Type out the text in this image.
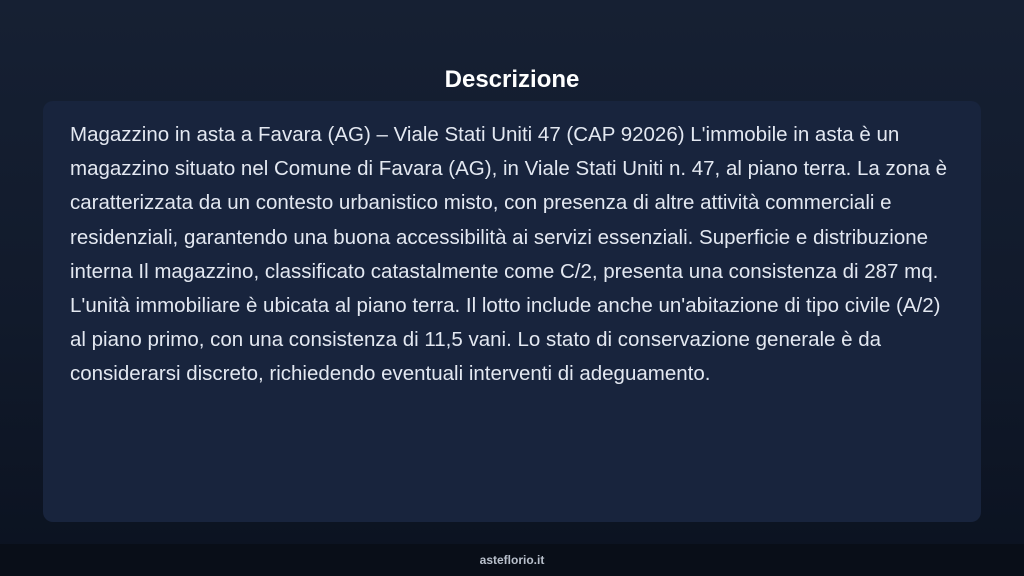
Descrizione

Magazzino in asta a Favara (AG) – Viale Stati Uniti 47 (CAP 92026) L'immobile in asta è un magazzino situato nel Comune di Favara (AG), in Viale Stati Uniti n. 47, al piano terra. La zona è caratterizzata da un contesto urbanistico misto, con presenza di altre attività commerciali e residenziali, garantendo una buona accessibilità ai servizi essenziali. Superficie e distribuzione interna Il magazzino, classificato catastalmente come C/2, presenta una consistenza di 287 mq. L'unità immobiliare è ubicata al piano terra. Il lotto include anche un'abitazione di tipo civile (A/2) al piano primo, con una consistenza di 11,5 vani. Lo stato di conservazione generale è da considerarsi discreto, richiedendo eventuali interventi di adeguamento.

asteflorio.it
